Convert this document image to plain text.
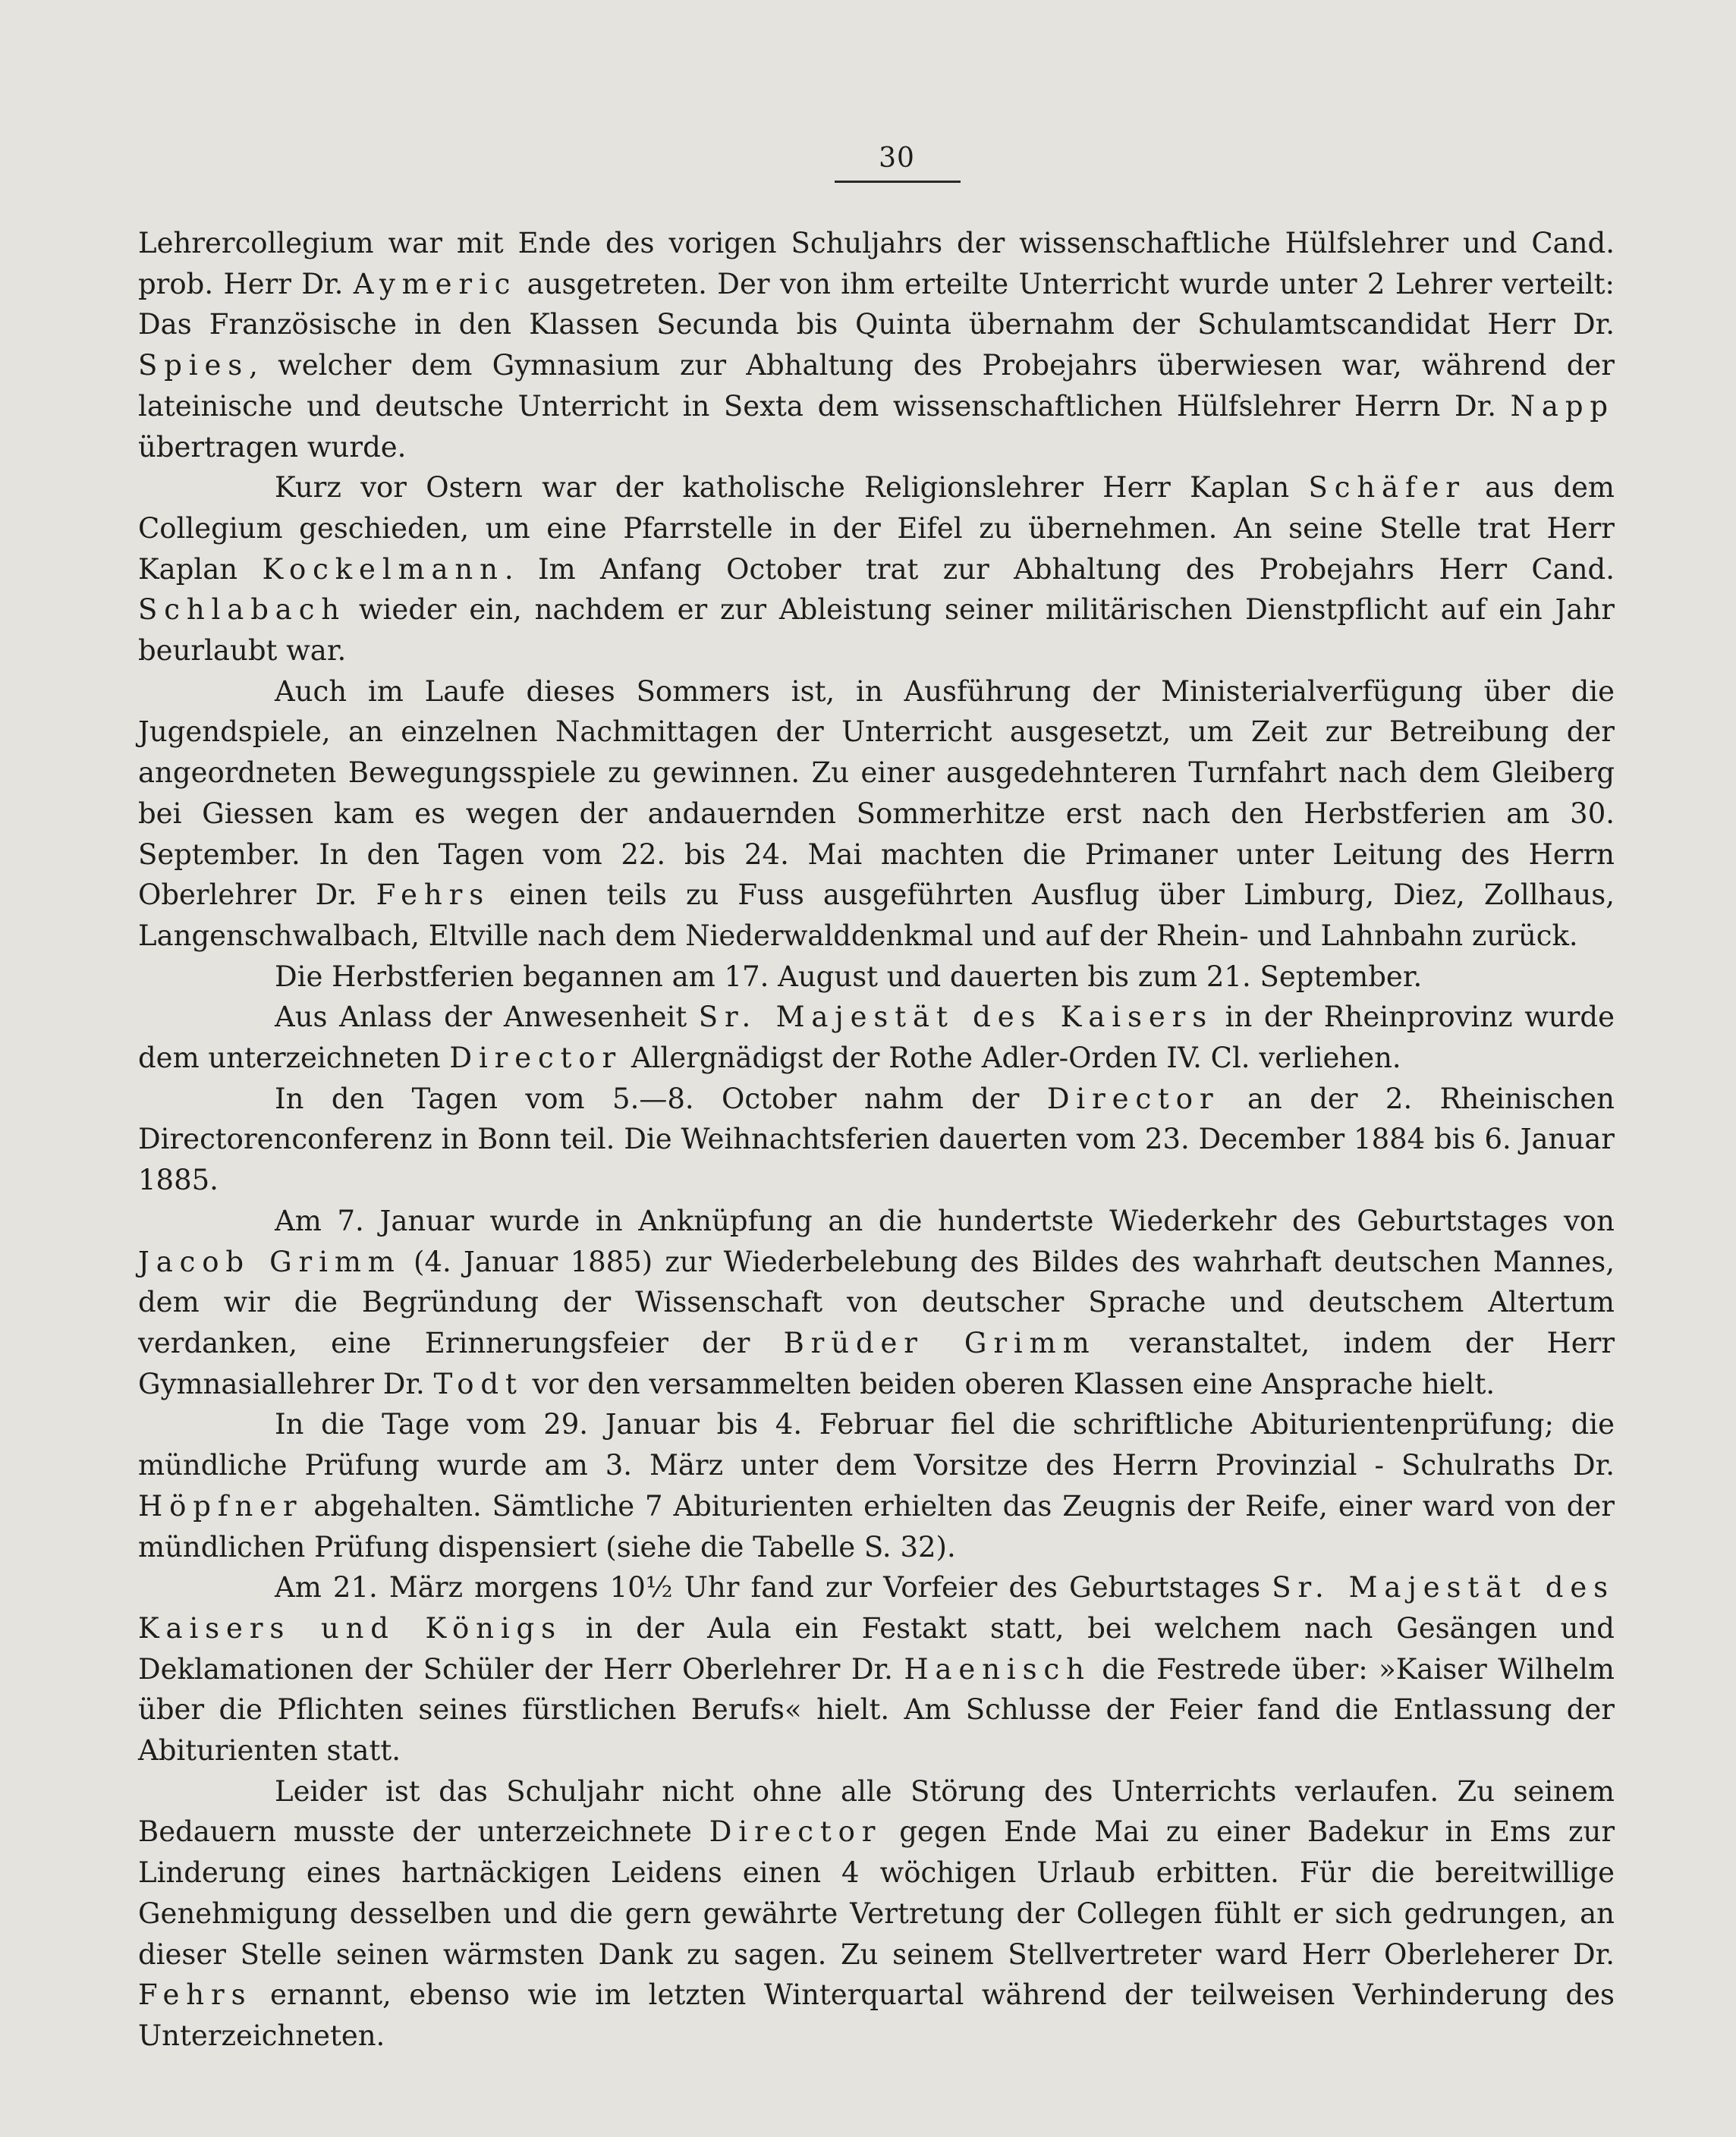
30

Lehrercollegium war mit Ende des vorigen Schuljahrs der wissenschaftliche Hülfslehrer und Cand. prob. Herr Dr. Aymeric ausgetreten. Der von ihm erteilte Unterricht wurde unter 2 Lehrer verteilt: Das Französische in den Klassen Secunda bis Quinta übernahm der Schulamtscandidat Herr Dr. Spies, welcher dem Gymnasium zur Abhaltung des Probejahrs überwiesen war, während der lateinische und deutsche Unterricht in Sexta dem wissenschaftlichen Hülfslehrer Herrn Dr. Napp übertragen wurde.

Kurz vor Ostern war der katholische Religionslehrer Herr Kaplan Schäfer aus dem Collegium geschieden, um eine Pfarrstelle in der Eifel zu übernehmen. An seine Stelle trat Herr Kaplan Kockelmann. Im Anfang October trat zur Abhaltung des Probejahrs Herr Cand. Schlabach wieder ein, nachdem er zur Ableistung seiner militärischen Dienstpflicht auf ein Jahr beurlaubt war.

Auch im Laufe dieses Sommers ist, in Ausführung der Ministerialverfügung über die Jugendspiele, an einzelnen Nachmittagen der Unterricht ausgesetzt, um Zeit zur Betreibung der angeordneten Bewegungsspiele zu gewinnen. Zu einer ausgedehnteren Turnfahrt nach dem Gleiberg bei Giessen kam es wegen der andauernden Sommerhitze erst nach den Herbstferien am 30. September. In den Tagen vom 22. bis 24. Mai machten die Primaner unter Leitung des Herrn Oberlehrer Dr. Fehrs einen teils zu Fuss ausgeführten Ausflug über Limburg, Diez, Zollhaus, Langenschwalbach, Eltville nach dem Niederwalddenkmal und auf der Rhein- und Lahnbahn zurück.

Die Herbstferien begannen am 17. August und dauerten bis zum 21. September.

Aus Anlass der Anwesenheit Sr. Majestät des Kaisers in der Rheinprovinz wurde dem unterzeichneten Director Allergnädigst der Rothe Adler-Orden IV. Cl. verliehen.

In den Tagen vom 5.—8. October nahm der Director an der 2. Rheinischen Directorenconferenz in Bonn teil. Die Weihnachtsferien dauerten vom 23. December 1884 bis 6. Januar 1885.

Am 7. Januar wurde in Anknüpfung an die hundertste Wiederkehr des Geburtstages von Jacob Grimm (4. Januar 1885) zur Wiederbelebung des Bildes des wahrhaft deutschen Mannes, dem wir die Begründung der Wissenschaft von deutscher Sprache und deutschem Altertum verdanken, eine Erinnerungsfeier der Brüder Grimm veranstaltet, indem der Herr Gymnasiallehrer Dr. Todt vor den versammelten beiden oberen Klassen eine Ansprache hielt.

In die Tage vom 29. Januar bis 4. Februar fiel die schriftliche Abiturientenprüfung; die mündliche Prüfung wurde am 3. März unter dem Vorsitze des Herrn Provinzial - Schulraths Dr. Höpfner abgehalten. Sämtliche 7 Abiturienten erhielten das Zeugnis der Reife, einer ward von der mündlichen Prüfung dispensiert (siehe die Tabelle S. 32).

Am 21. März morgens 10½ Uhr fand zur Vorfeier des Geburtstages Sr. Majestät des Kaisers und Königs in der Aula ein Festakt statt, bei welchem nach Gesängen und Deklamationen der Schüler der Herr Oberlehrer Dr. Haenisch die Festrede über: »Kaiser Wilhelm über die Pflichten seines fürstlichen Berufs« hielt. Am Schlusse der Feier fand die Entlassung der Abiturienten statt.

Leider ist das Schuljahr nicht ohne alle Störung des Unterrichts verlaufen. Zu seinem Bedauern musste der unterzeichnete Director gegen Ende Mai zu einer Badekur in Ems zur Linderung eines hartnäckigen Leidens einen 4 wöchigen Urlaub erbitten. Für die bereitwillige Genehmigung desselben und die gern gewährte Vertretung der Collegen fühlt er sich gedrungen, an dieser Stelle seinen wärmsten Dank zu sagen. Zu seinem Stellvertreter ward Herr Oberleherer Dr. Fehrs ernannt, ebenso wie im letzten Winterquartal während der teilweisen Verhinderung des Unterzeichneten.
